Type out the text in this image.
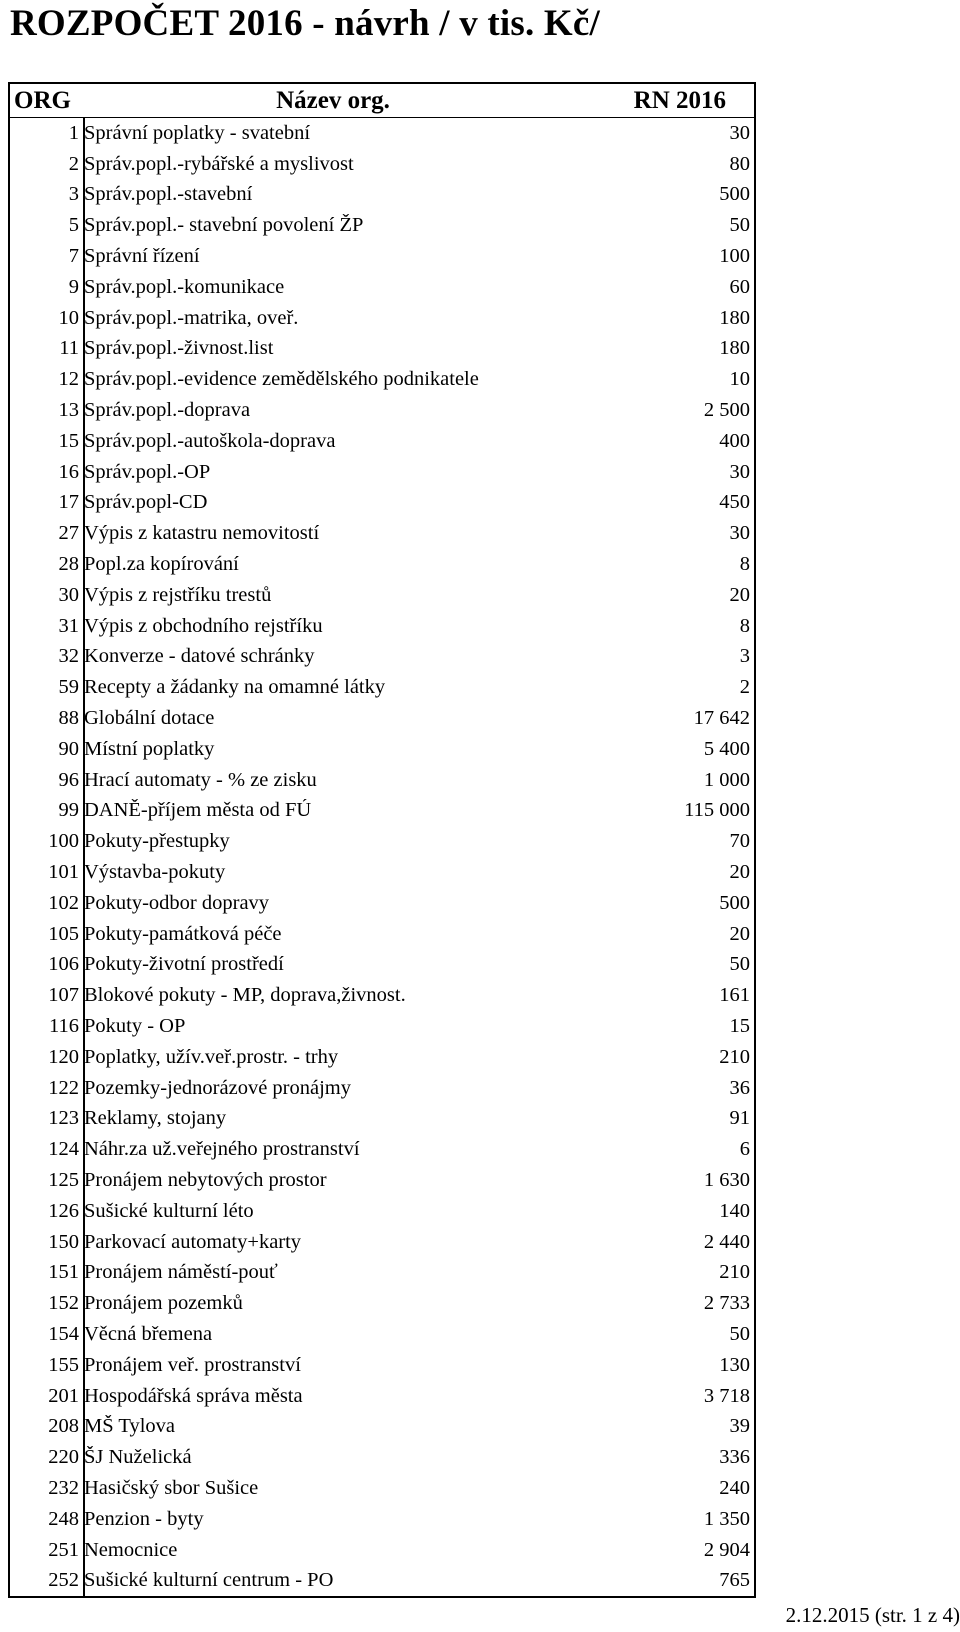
ROZPOČET 2016 - návrh / v tis. Kč/
ORG	Název org.	RN 2016
1 Správní poplatky - svatební	30
2 Správ.popl.-rybářské a myslivost	80
3 Správ.popl.-stavební	500
5 Správ.popl.- stavební povolení ŽP	50
7 Správní řízení	100
9 Správ.popl.-komunikace	60
10 Správ.popl.-matrika, oveř.	180
11 Správ.popl.-živnost.list	180
12 Správ.popl.-evidence zemědělského podnikatele	10
13 Správ.popl.-doprava	2 500
15 Správ.popl.-autoškola-doprava	400
16 Správ.popl.-OP	30
17 Správ.popl-CD	450
27 Výpis z katastru nemovitostí	30
28 Popl.za kopírování	8
30 Výpis z rejstříku trestů	20
31 Výpis z obchodního rejstříku	8
32 Konverze - datové schránky	3
59 Recepty a žádanky na omamné látky	2
88 Globální dotace	17 642
90 Místní poplatky	5 400
96 Hrací automaty - % ze zisku	1 000
99 DANĚ-příjem města od FÚ	115 000
100 Pokuty-přestupky	70
101 Výstavba-pokuty	20
102 Pokuty-odbor dopravy	500
105 Pokuty-památková péče	20
106 Pokuty-životní prostředí	50
107 Blokové pokuty - MP, doprava,živnost.	161
116 Pokuty - OP	15
120 Poplatky, užív.veř.prostr. - trhy	210
122 Pozemky-jednorázové pronájmy	36
123 Reklamy, stojany	91
124 Náhr.za už.veřejného prostranství	6
125 Pronájem nebytových prostor	1 630
126 Sušické kulturní léto	140
150 Parkovací automaty+karty	2 440
151 Pronájem náměstí-pouť	210
152 Pronájem pozemků	2 733
154 Věcná břemena	50
155 Pronájem veř. prostranství	130
201 Hospodářská správa města	3 718
208 MŠ Tylova	39
220 ŠJ Nuželická	336
232 Hasičský sbor Sušice	240
248 Penzion - byty	1 350
251 Nemocnice	2 904
252 Sušické kulturní centrum - PO	765
2.12.2015 (str. 1 z 4)
